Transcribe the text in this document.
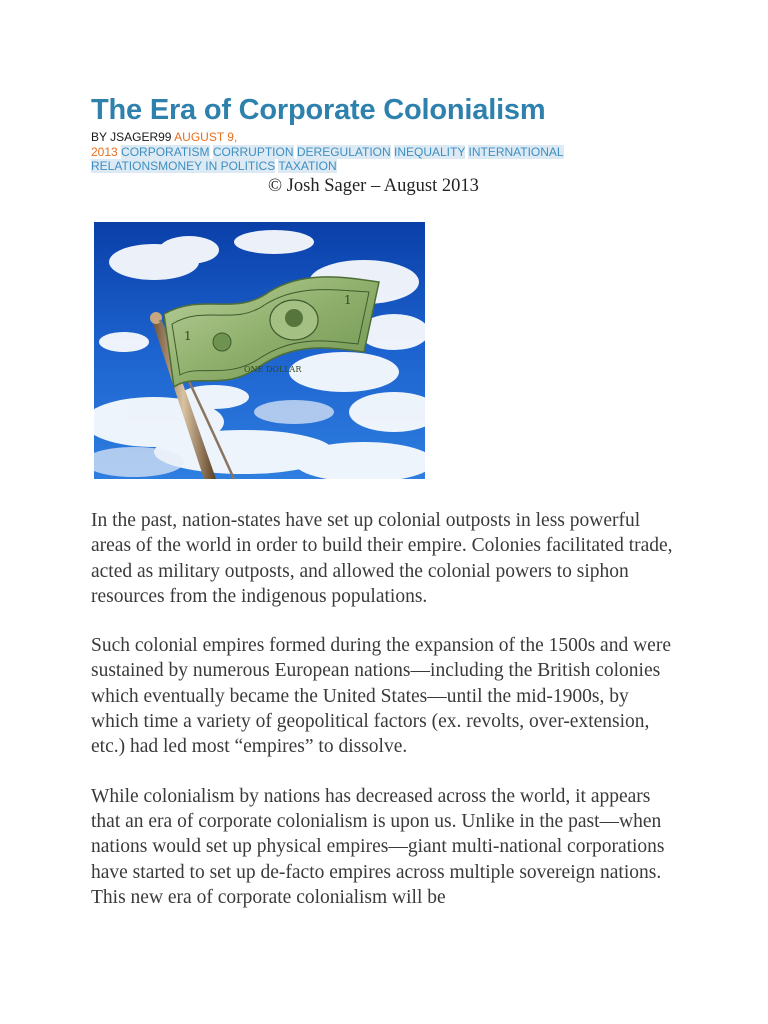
The Era of Corporate Colonialism
BY JSAGER99 AUGUST 9,
2013 CORPORATISM CORRUPTION DEREGULATION INEQUALITY INTERNATIONAL RELATIONSMONEY IN POLITICS TAXATION
© Josh Sager – August 2013
1
1
ONE DOLLAR

In the past, nation-states have set up colonial outposts in less powerful areas of the world in order to build their empire. Colonies facilitated trade, acted as military outposts, and allowed the colonial powers to siphon resources from the indigenous populations.

Such colonial empires formed during the expansion of the 1500s and were sustained by numerous European nations—including the British colonies which eventually became the United States—until the mid-1900s, by which time a variety of geopolitical factors (ex. revolts, over-extension, etc.) had led most “empires” to dissolve.

While colonialism by nations has decreased across the world, it appears that an era of corporate colonialism is upon us. Unlike in the past—when nations would set up physical empires—giant multi-national corporations have started to set up de-facto empires across multiple sovereign nations. This new era of corporate colonialism will be
